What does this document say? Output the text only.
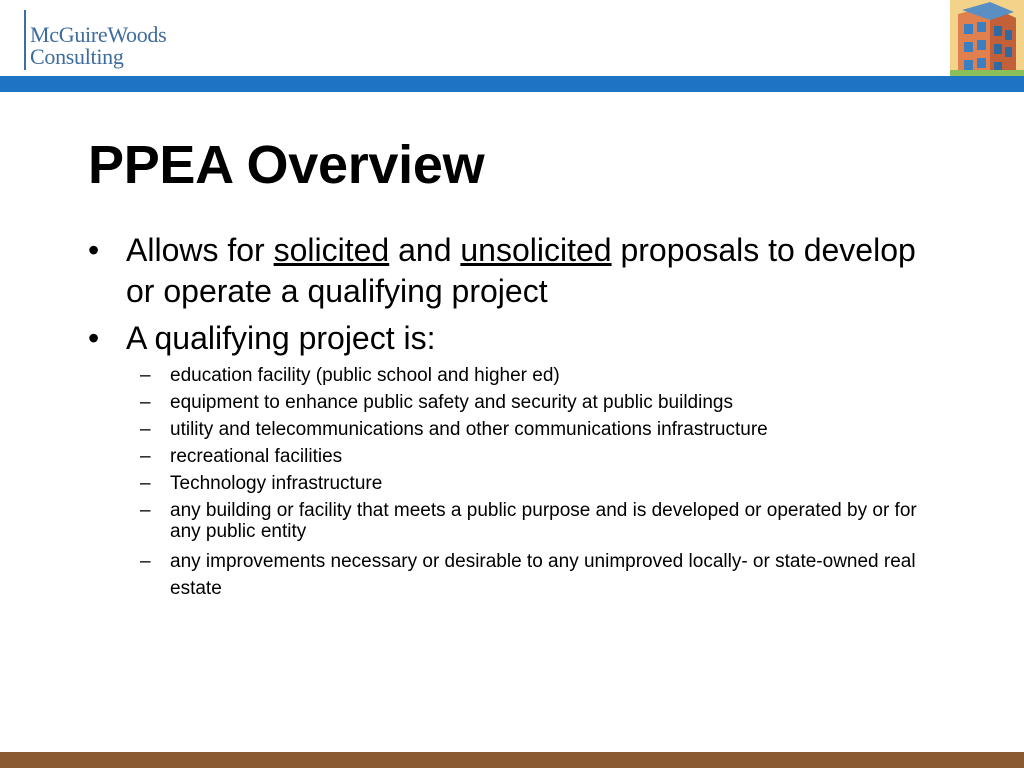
McGuireWoods
Consulting
PPEA Overview
• Allows for solicited and unsolicited proposals to develop or operate a qualifying project
• A qualifying project is:
– education facility (public school and higher ed)
– equipment to enhance public safety and security at public buildings
– utility and telecommunications and other communications infrastructure
– recreational facilities
– Technology infrastructure
– any building or facility that meets a public purpose and is developed or operated by or for any public entity
– any improvements necessary or desirable to any unimproved locally- or state-owned real estate
